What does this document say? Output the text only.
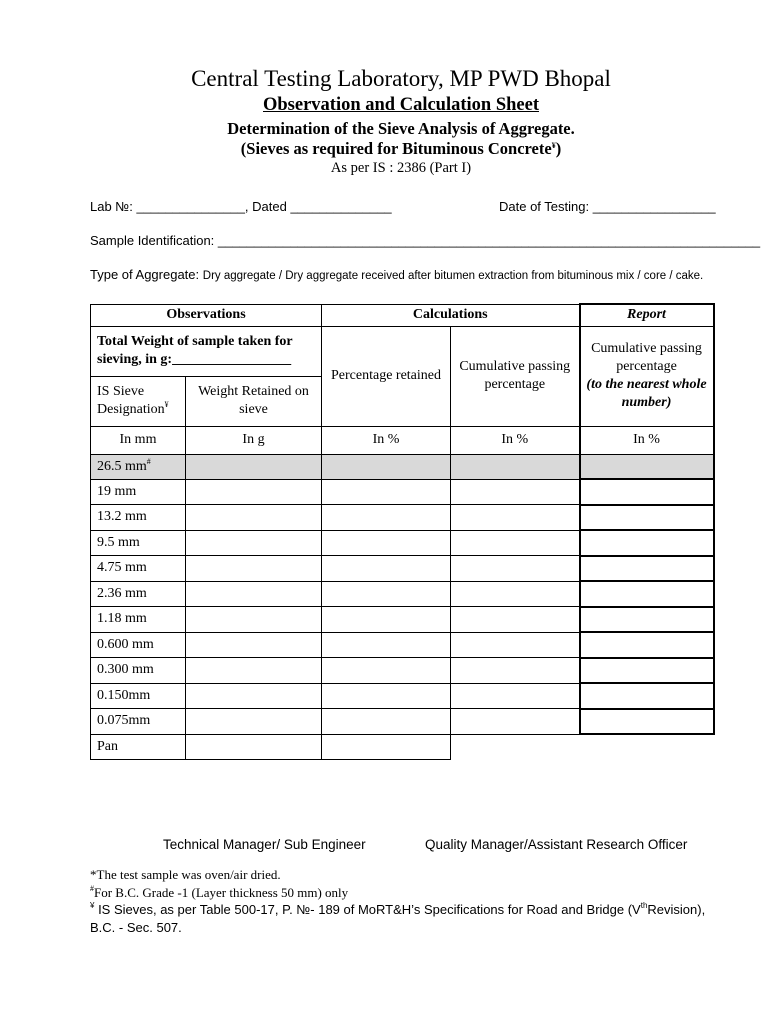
Central Testing Laboratory, MP PWD Bhopal
Observation and Calculation Sheet
Determination of the Sieve Analysis of Aggregate.
(Sieves as required for Bituminous Concrete¥)
As per IS : 2386 (Part I)
Lab №: _______________, Dated ______________	Date of Testing: _________________
Sample Identification: ___________________________________________________________________________
Type of Aggregate: Dry aggregate / Dry aggregate received after bitumen extraction from bituminous mix / core / cake.
Observations		Calculations		Report
Total Weight of sample taken for sieving, in g:_________________		Percentage retained	Cumulative passing percentage	Cumulative passing percentage
(to the nearest whole number)

IS Sieve Designation¥	Weight Retained on sieve			
In mm	In g	In %	In %	In %
26.5 mm#				
19 mm				
13.2 mm				
9.5 mm				
4.75 mm				
2.36 mm				
1.18 mm				
0.600 mm				
0.300 mm				
0.150mm				
0.075mm				
Pan				
Technical Manager/ Sub Engineer	Quality Manager/Assistant Research Officer
*The test sample was oven/air dried.
#For B.C. Grade -1 (Layer thickness 50 mm) only
¥ IS Sieves, as per Table 500-17, P. №- 189 of MoRT&H’s Specifications for Road and Bridge (VthRevision),
B.C. - Sec. 507.
